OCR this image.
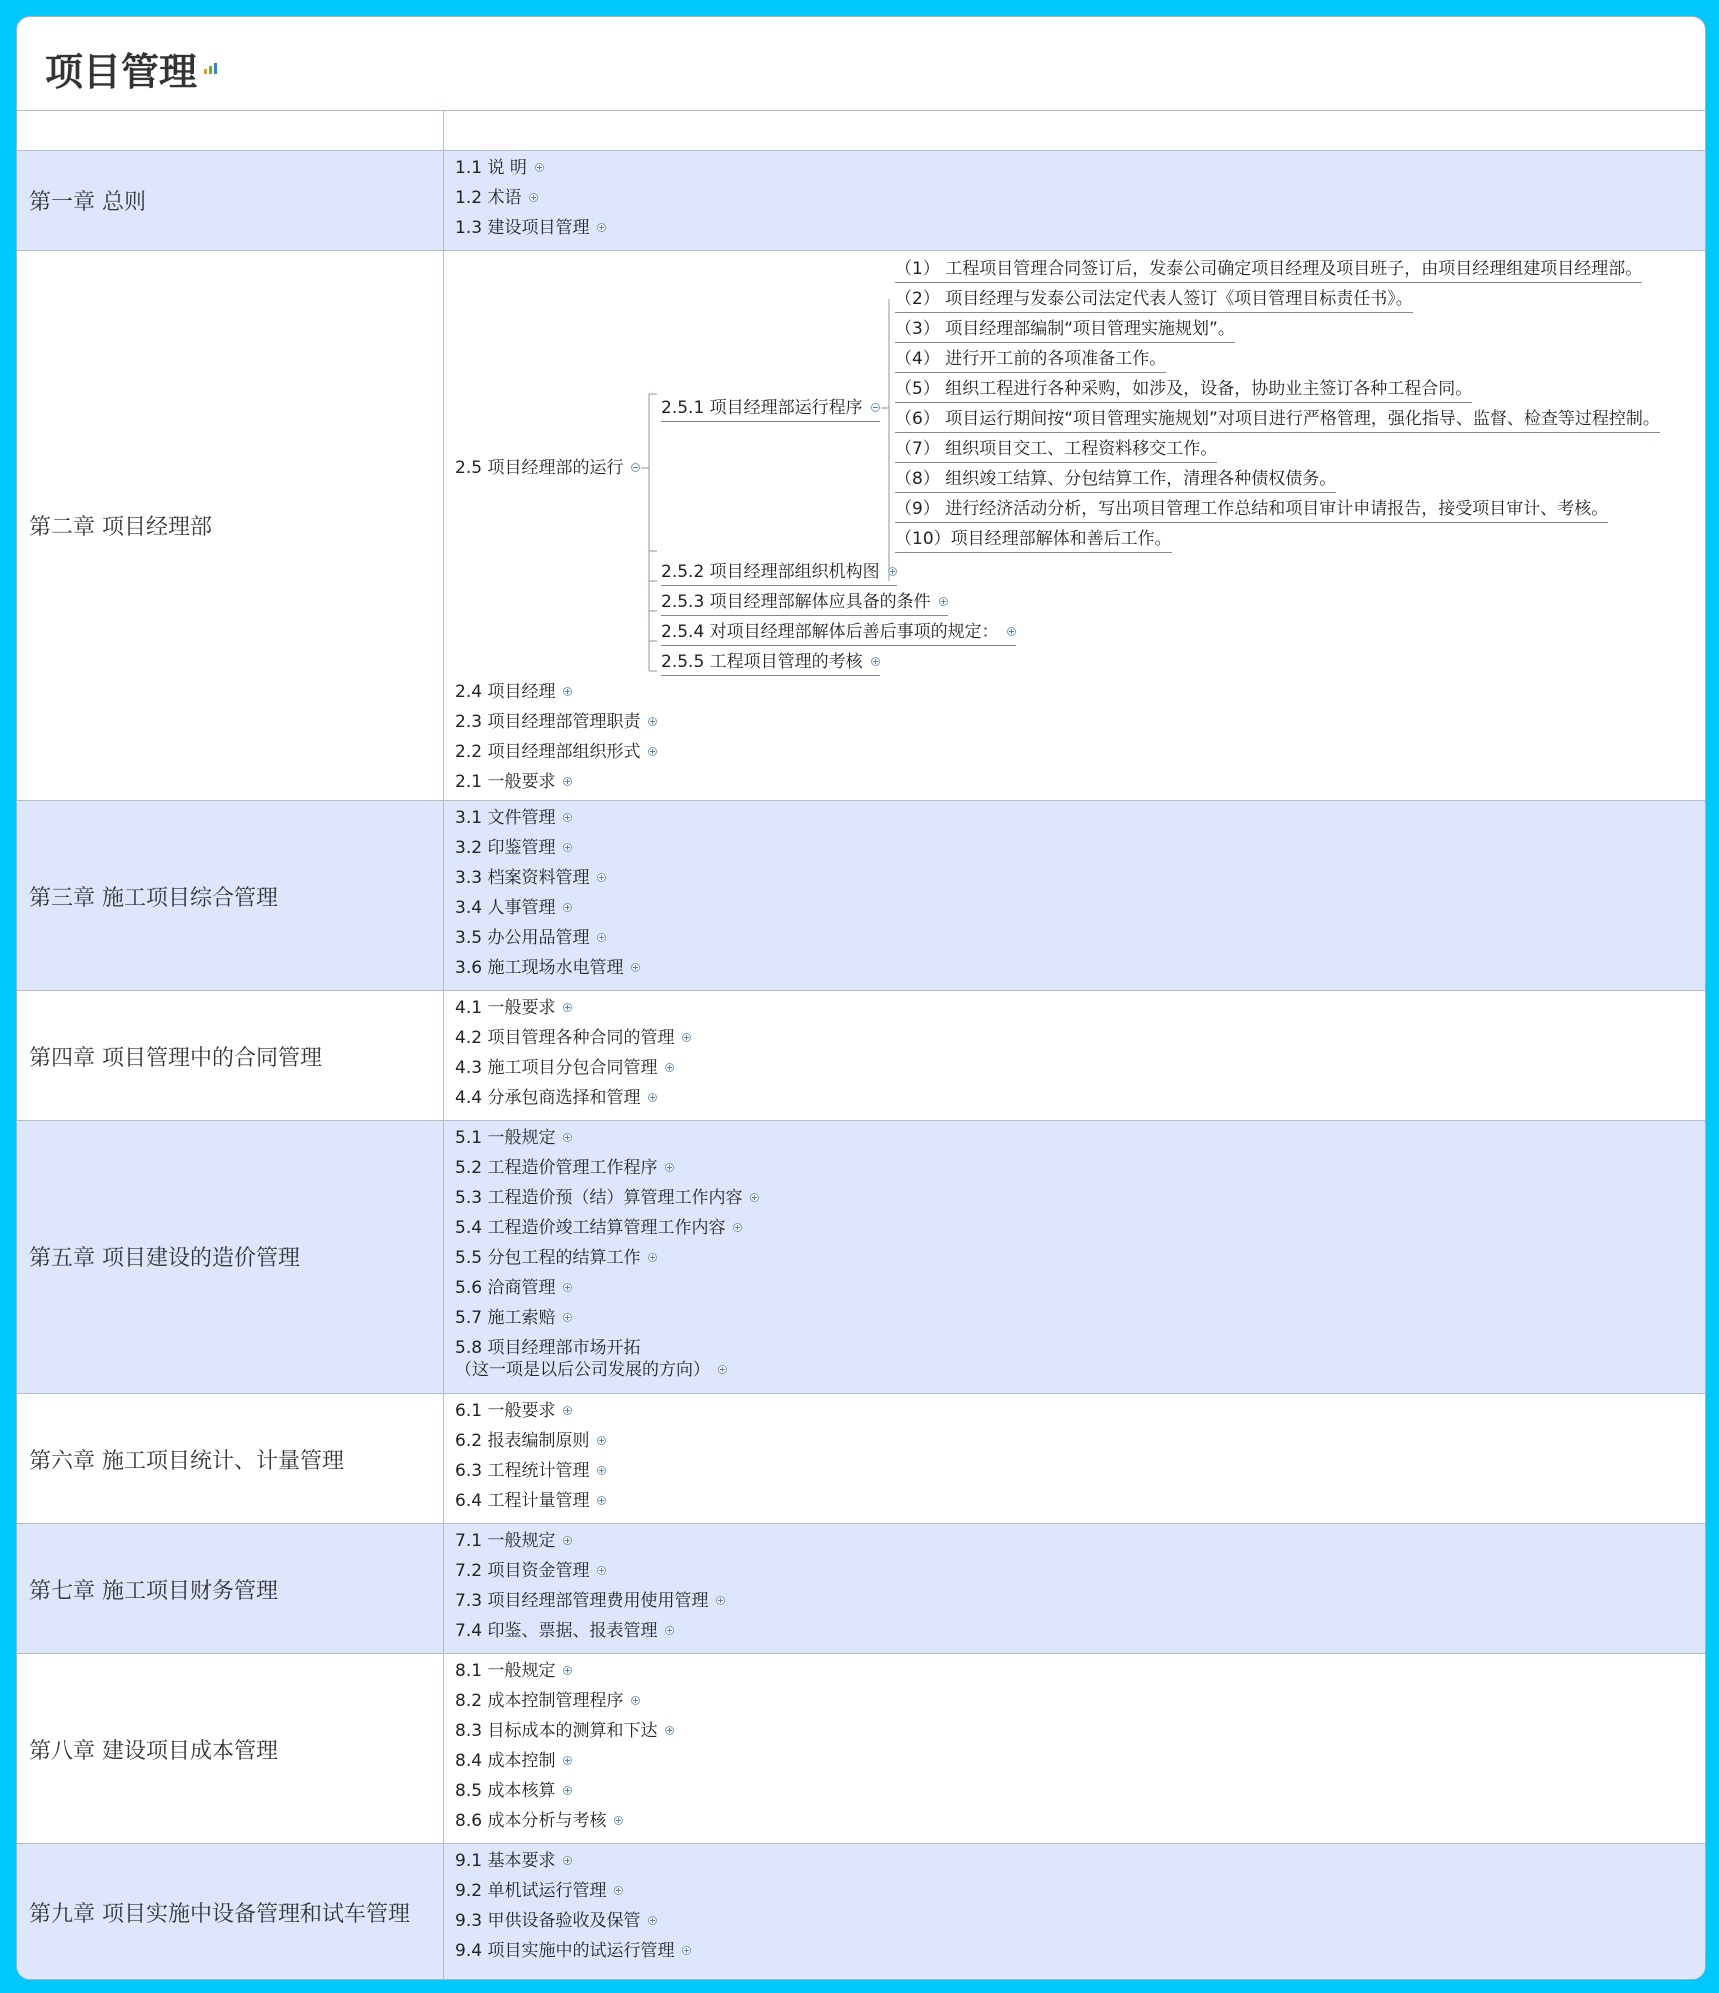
项目管理
第一章 总则
1.1 说 明
1.2 术语
1.3 建设项目管理
第二章 项目经理部
2.5 项目经理部的运行
2.5.1 项目经理部运行程序
（1） 工程项目管理合同签订后，发泰公司确定项目经理及项目班子，由项目经理组建项目经理部。
（2） 项目经理与发泰公司法定代表人签订《项目管理目标责任书》。
（3） 项目经理部编制“项目管理实施规划”。
（4） 进行开工前的各项准备工作。
（5） 组织工程进行各种采购，如涉及，设备，协助业主签订各种工程合同。
（6） 项目运行期间按“项目管理实施规划”对项目进行严格管理，强化指导、监督、检查等过程控制。
（7） 组织项目交工、工程资料移交工作。
（8） 组织竣工结算、分包结算工作，清理各种债权债务。
（9） 进行经济活动分析，写出项目管理工作总结和项目审计申请报告，接受项目审计、考核。
（10）项目经理部解体和善后工作。
2.5.2 项目经理部组织机构图
2.5.3 项目经理部解体应具备的条件
2.5.4 对项目经理部解体后善后事项的规定：
2.5.5 工程项目管理的考核
2.4 项目经理
2.3 项目经理部管理职责
2.2 项目经理部组织形式
2.1 一般要求
第三章 施工项目综合管理
3.1 文件管理
3.2 印鉴管理
3.3 档案资料管理
3.4 人事管理
3.5 办公用品管理
3.6 施工现场水电管理
第四章 项目管理中的合同管理
4.1 一般要求
4.2 项目管理各种合同的管理
4.3 施工项目分包合同管理
4.4 分承包商选择和管理
第五章 项目建设的造价管理
5.1 一般规定
5.2 工程造价管理工作程序
5.3 工程造价预（结）算管理工作内容
5.4 工程造价竣工结算管理工作内容
5.5 分包工程的结算工作
5.6 洽商管理
5.7 施工索赔
5.8 项目经理部市场开拓
（这一项是以后公司发展的方向）
第六章 施工项目统计、计量管理
6.1 一般要求
6.2 报表编制原则
6.3 工程统计管理
6.4 工程计量管理
第七章 施工项目财务管理
7.1 一般规定
7.2 项目资金管理
7.3 项目经理部管理费用使用管理
7.4 印鉴、票据、报表管理
第八章 建设项目成本管理
8.1 一般规定
8.2 成本控制管理程序
8.3 目标成本的测算和下达
8.4 成本控制
8.5 成本核算
8.6 成本分析与考核
第九章 项目实施中设备管理和试车管理
9.1 基本要求
9.2 单机试运行管理
9.3 甲供设备验收及保管
9.4 项目实施中的试运行管理
